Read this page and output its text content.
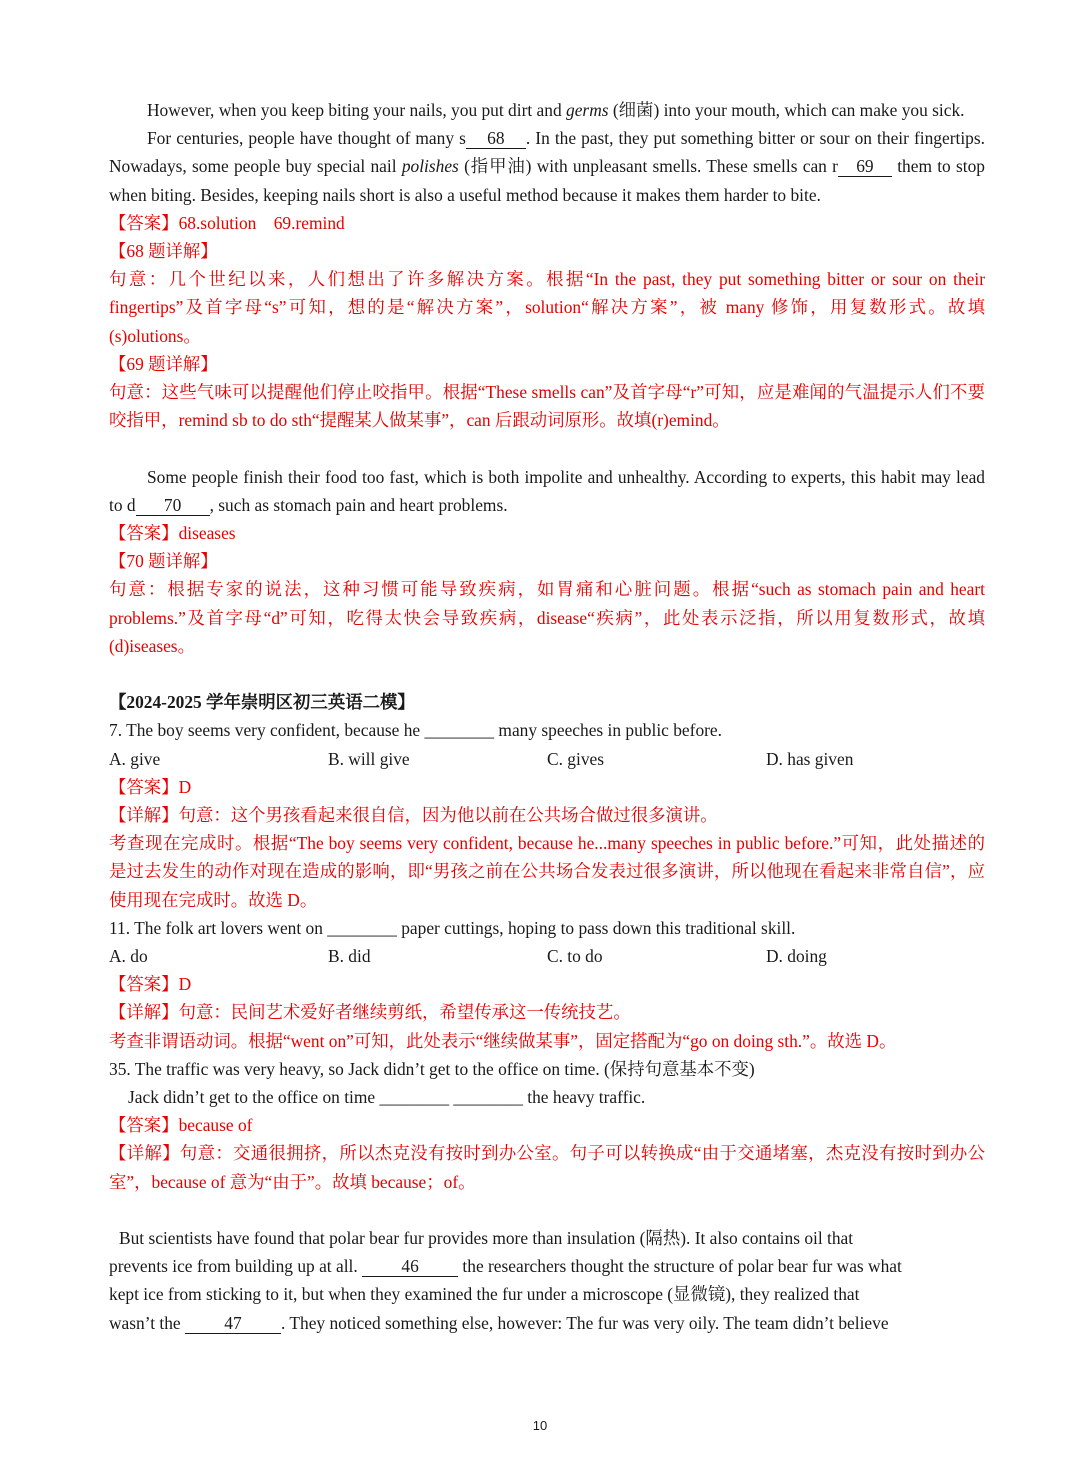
However, when you keep biting your nails, you put dirt and germs (细菌) into your mouth, which can make you sick.

For centuries, people have thought of many s 68 . In the past, they put something bitter or sour on their fingertips. Nowadays, some people buy special nail polishes (指甲油) with unpleasant smells. These smells can r 69 them to stop when biting. Besides, keeping nails short is also a useful method because it makes them harder to bite.

【答案】68.solution　69.remind

【68 题详解】

句意：几个世纪以来，人们想出了许多解决方案。根据“In the past, they put something bitter or sour on their fingertips”及首字母“s”可知，想的是“解决方案”，solution“解决方案”，被 many 修饰，用复数形式。故填(s)olutions。

【69 题详解】

句意：这些气味可以提醒他们停止咬指甲。根据“These smells can”及首字母“r”可知，应是难闻的气温提示人们不要咬指甲，remind sb to do sth“提醒某人做某事”，can 后跟动词原形。故填(r)emind。

Some people finish their food too fast, which is both impolite and unhealthy. According to experts, this habit may lead to d 70 , such as stomach pain and heart problems.

【答案】diseases

【70 题详解】

句意：根据专家的说法，这种习惯可能导致疾病，如胃痛和心脏问题。根据“such as stomach pain and heart problems.”及首字母“d”可知，吃得太快会导致疾病，disease“疾病”，此处表示泛指，所以用复数形式，故填(d)iseases。

【2024-2025 学年崇明区初三英语二模】

7. The boy seems very confident, because he ________ many speeches in public before.

A. give	B. will give	C. gives	D. has given

【答案】D

【详解】句意：这个男孩看起来很自信，因为他以前在公共场合做过很多演讲。

考查现在完成时。根据“The boy seems very confident, because he...many speeches in public before.”可知，此处描述的是过去发生的动作对现在造成的影响，即“男孩之前在公共场合发表过很多演讲，所以他现在看起来非常自信”，应使用现在完成时。故选 D。

11. The folk art lovers went on ________ paper cuttings, hoping to pass down this traditional skill.

A. do	B. did	C. to do	D. doing

【答案】D

【详解】句意：民间艺术爱好者继续剪纸，希望传承这一传统技艺。

考查非谓语动词。根据“went on”可知，此处表示“继续做某事”，固定搭配为“go on doing sth.”。故选 D。

35. The traffic was very heavy, so Jack didn’t get to the office on time. (保持句意基本不变)

Jack didn’t get to the office on time ________ ________ the heavy traffic.

【答案】because of

【详解】句意：交通很拥挤，所以杰克没有按时到办公室。句子可以转换成“由于交通堵塞，杰克没有按时到办公室”，because of 意为“由于”。故填 because；of。

But scientists have found that polar bear fur provides more than insulation (隔热). It also contains oil that

prevents ice from building up at all. 46 the researchers thought the structure of polar bear fur was what

kept ice from sticking to it, but when they examined the fur under a microscope (显微镜), they realized that

wasn’t the 47 . They noticed something else, however: The fur was very oily. The team didn’t believe

10
